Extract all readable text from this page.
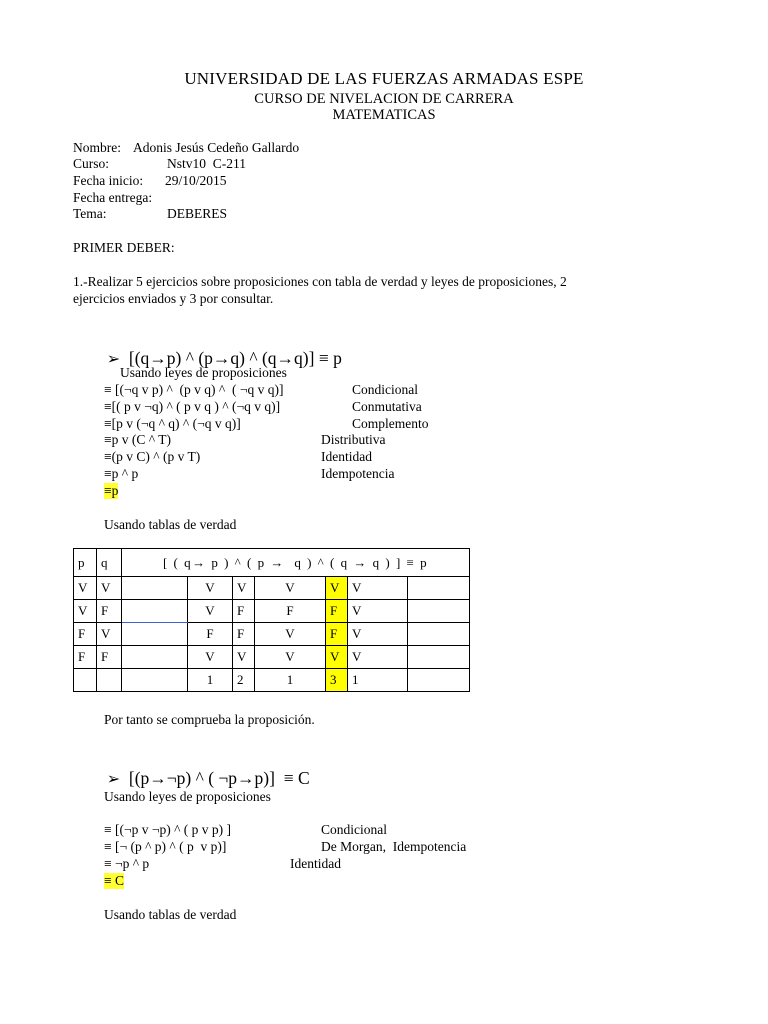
UNIVERSIDAD DE LAS FUERZAS ARMADAS ESPE
CURSO DE NIVELACION DE CARRERA
MATEMATICAS
Nombre: Adonis Jesús Cedeño Gallardo
Curso:	Nstv10  C-211
Fecha inicio: 29/10/2015
Fecha entrega:
Tema:	DEBERES
PRIMER DEBER:
1.-Realizar 5 ejercicios sobre proposiciones con tabla de verdad y leyes de proposiciones, 2
ejercicios enviados y 3 por consultar.

➢ [(q→p) ^ (p→q) ^ (q→q)] ≡ p

Usando leyes de proposiciones
≡ [(¬q v p) ^  (p v q) ^  ( ¬q v q)]	Condicional
≡[( p v ¬q) ^ ( p v q ) ^ (¬q v q)]	Conmutativa
≡[p v (¬q ^ q) ^ (¬q v q)]	Complemento
≡p v (C ^ T)	Distributiva
≡(p v C) ^ (p v T)	Identidad
≡p ^ p	Idempotencia
≡p
Usando tablas de verdad
p	q	[ ( q→ p ) ^ ( p →  q ) ^ ( q → q ) ] ≡ p						
V	V		V	V	V	V	V	
V	F		V	F	F	F	V	
F	V		F	F	V	F	V	
F	F		V	V	V	V	V	
			1	2	1	3	1	
Por tanto se comprueba la proposición.

➢ [(p→¬p) ^ ( ¬p→p)]  ≡ C

Usando leyes de proposiciones
≡ [(¬p v ¬p) ^ ( p v p) ]	Condicional
≡ [¬ (p ^ p) ^ ( p  v p)]	De Morgan,  Idempotencia
≡ ¬p ^ p	Identidad
≡ C
Usando tablas de verdad
